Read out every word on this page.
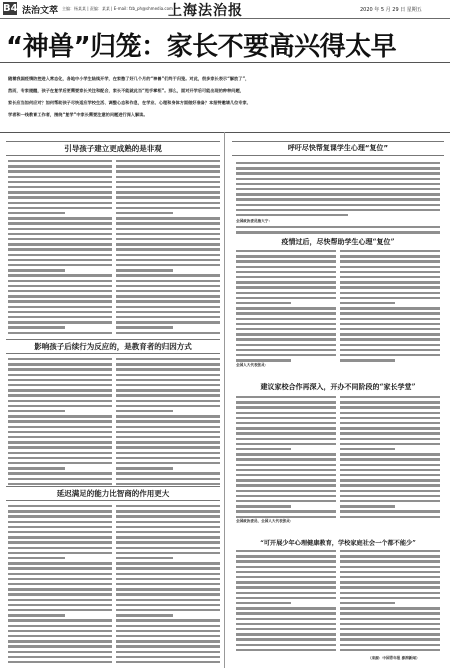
B4 法治文萃 主编：杨某某 | 责编：某某 | E-mail: fzb_ph@shmedia.com
上海法治报	2020 年 5 月 29 日 星期五
“神兽”归笼：家长不要高兴得太早
随着我国疫情防控进入常态化，各地中小学生陆续开学，在家憋了好几个月的“神兽”们终于归笼。对此，很多家长表示“解放了”，
然而，专家提醒，孩子在复学后更需要家长关注和配合，家长不能就此当“甩手掌柜”。那么，面对开学后可能出现的种种问题，
家长应当如何应对？如何帮助孩子尽快适应学校生活、调整心态和作息，在学业、心理和身体方面做好准备？本报特邀请几位专家、
学者和一线教育工作者，围绕“复学”中家长需要注意的问题进行深入解读。
引导孩子建立更成熟的是非观
影响孩子后续行为反应的，是教育者的归因方式
延迟满足的能力比智商的作用更大
呼吁尽快帮复课学生心理“复位”
全国政协委员施大宁：
疫情过后，尽快帮助学生心理“复位”
全国人大代表张灵：
建议家校合作再深入，开办不同阶段的“家长学堂”
全国政协委员、全国人大代表张灵：
“可开展少年心理健康教育，学校家庭社会一个都不能少”
（来源：中国青年报 澎湃新闻）
